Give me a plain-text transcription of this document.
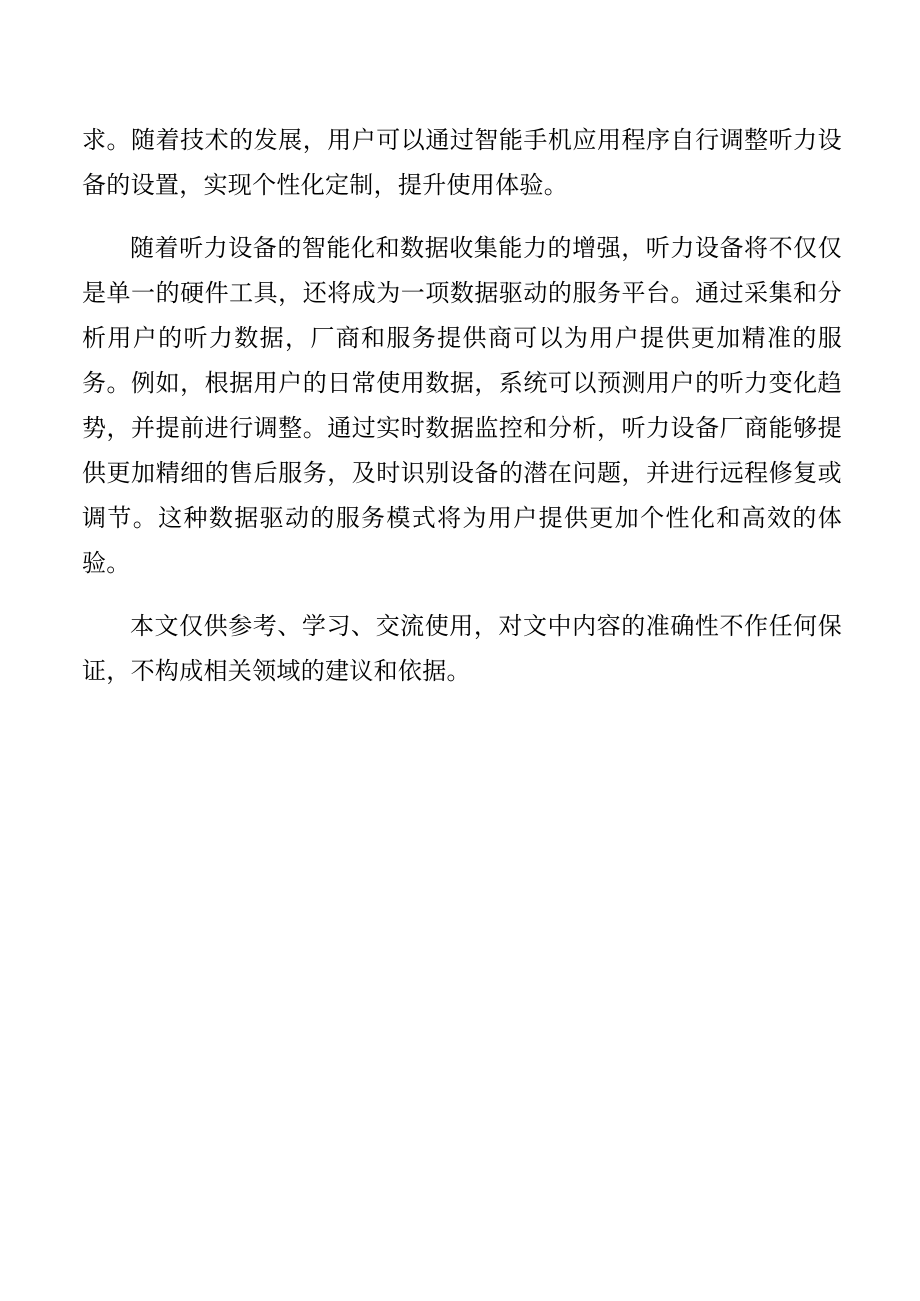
求。随着技术的发展，用户可以通过智能手机应用程序自行调整听力设备的设置，实现个性化定制，提升使用体验。

随着听力设备的智能化和数据收集能力的增强，听力设备将不仅仅是单一的硬件工具，还将成为一项数据驱动的服务平台。通过采集和分析用户的听力数据，厂商和服务提供商可以为用户提供更加精准的服务。例如，根据用户的日常使用数据，系统可以预测用户的听力变化趋势，并提前进行调整。通过实时数据监控和分析，听力设备厂商能够提供更加精细的售后服务，及时识别设备的潜在问题，并进行远程修复或调节。这种数据驱动的服务模式将为用户提供更加个性化和高效的体验。

本文仅供参考、学习、交流使用，对文中内容的准确性不作任何保证，不构成相关领域的建议和依据。
